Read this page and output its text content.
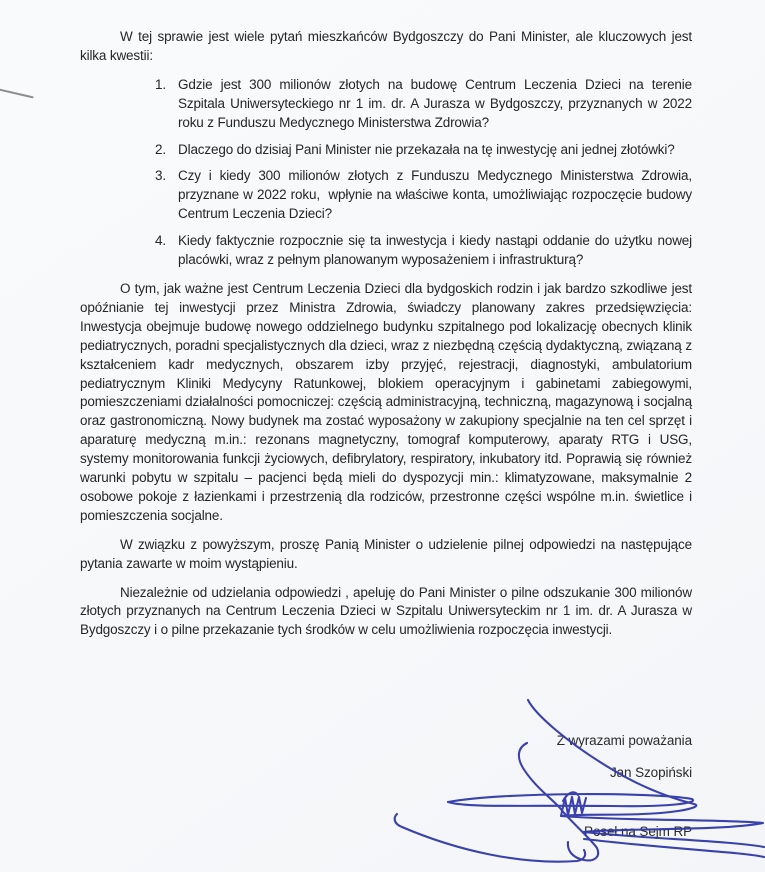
W tej sprawie jest wiele pytań mieszkańców Bydgoszczy do Pani Minister, ale kluczowych jest kilka kwestii:

1. Gdzie jest 300 milionów złotych na budowę Centrum Leczenia Dzieci na terenie Szpitala Uniwersyteckiego nr 1 im. dr. A Jurasza w Bydgoszczy, przyznanych w 2022 roku z Funduszu Medycznego Ministerstwa Zdrowia?
2. Dlaczego do dzisiaj Pani Minister nie przekazała na tę inwestycję ani jednej złotówki?
3. Czy i kiedy 300 milionów złotych z Funduszu Medycznego Ministerstwa Zdrowia, przyznane w 2022 roku,  wpłynie na właściwe konta, umożliwiając rozpoczęcie budowy Centrum Leczenia Dzieci?
4. Kiedy faktycznie rozpocznie się ta inwestycja i kiedy nastąpi oddanie do użytku nowej placówki, wraz z pełnym planowanym wyposażeniem i infrastrukturą?

O tym, jak ważne jest Centrum Leczenia Dzieci dla bydgoskich rodzin i jak bardzo szkodliwe jest opóźnianie tej inwestycji przez Ministra Zdrowia, świadczy planowany zakres przedsięwzięcia: Inwestycja obejmuje budowę nowego oddzielnego budynku szpitalnego pod lokalizację obecnych klinik pediatrycznych, poradni specjalistycznych dla dzieci, wraz z niezbędną częścią dydaktyczną, związaną z kształceniem kadr medycznych, obszarem izby przyjęć, rejestracji, diagnostyki, ambulatorium pediatrycznym Kliniki Medycyny Ratunkowej, blokiem operacyjnym i gabinetami zabiegowymi, pomieszczeniami działalności pomocniczej: częścią administracyjną, techniczną, magazynową i socjalną oraz gastronomiczną. Nowy budynek ma zostać wyposażony w zakupiony specjalnie na ten cel sprzęt i aparaturę medyczną m.in.: rezonans magnetyczny, tomograf komputerowy, aparaty RTG i USG, systemy monitorowania funkcji życiowych, defibrylatory, respiratory, inkubatory itd. Poprawią się również warunki pobytu w szpitalu – pacjenci będą mieli do dyspozycji min.: klimatyzowane, maksymalnie 2 osobowe pokoje z łazienkami i przestrzenią dla rodziców, przestronne części wspólne m.in. świetlice i pomieszczenia socjalne.

W związku z powyższym, proszę Panią Minister o udzielenie pilnej odpowiedzi na następujące  pytania zawarte w moim wystąpieniu.

Niezależnie od udzielania odpowiedzi , apeluję do Pani Minister o pilne odszukanie 300 milionów złotych przyznanych na Centrum Leczenia Dzieci w Szpitalu Uniwersyteckim nr 1 im. dr. A Jurasza w Bydgoszczy i o pilne przekazanie tych środków w celu umożliwienia rozpoczęcia inwestycji.

Z wyrazami poważania
Jan Szopiński
Poseł na Sejm RP
